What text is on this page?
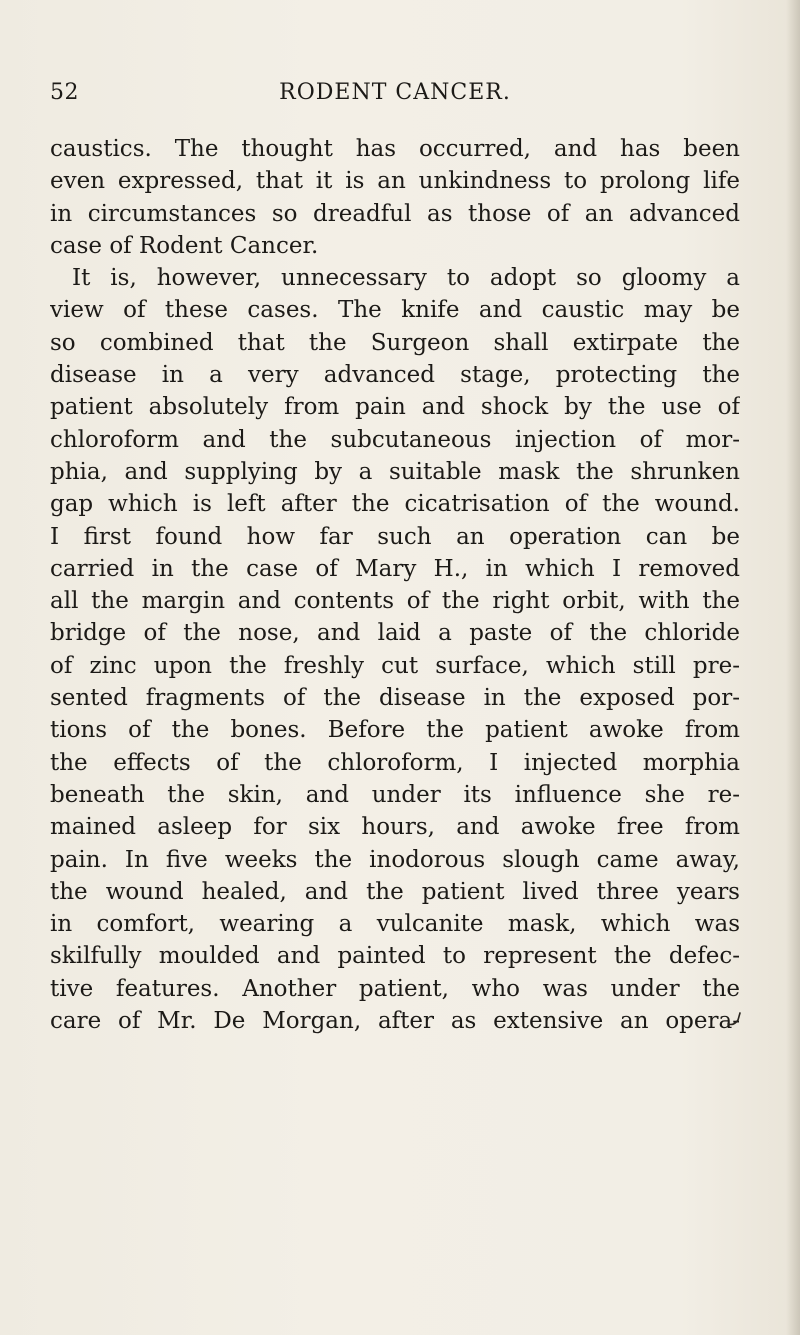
52	RODENT CANCER.
caustics. The thought has occurred, and has been
even expressed, that it is an unkindness to prolong life
in circumstances so dreadful as those of an advanced
case of Rodent Cancer.
It is, however, unnecessary to adopt so gloomy a
view of these cases. The knife and caustic may be
so combined that the Surgeon shall extirpate the
disease in a very advanced stage, protecting the
patient absolutely from pain and shock by the use of
chloroform and the subcutaneous injection of mor-
phia, and supplying by a suitable mask the shrunken
gap which is left after the cicatrisation of the wound.
I first found how far such an operation can be
carried in the case of Mary H., in which I removed
all the margin and contents of the right orbit, with the
bridge of the nose, and laid a paste of the chloride
of zinc upon the freshly cut surface, which still pre-
sented fragments of the disease in the exposed por-
tions of the bones. Before the patient awoke from
the effects of the chloroform, I injected morphia
beneath the skin, and under its influence she re-
mained asleep for six hours, and awoke free from
pain. In five weeks the inodorous slough came away,
the wound healed, and the patient lived three years
in comfort, wearing a vulcanite mask, which was
skilfully moulded and painted to represent the defec-
tive features. Another patient, who was under the
care of Mr. De Morgan, after as extensive an opera-
